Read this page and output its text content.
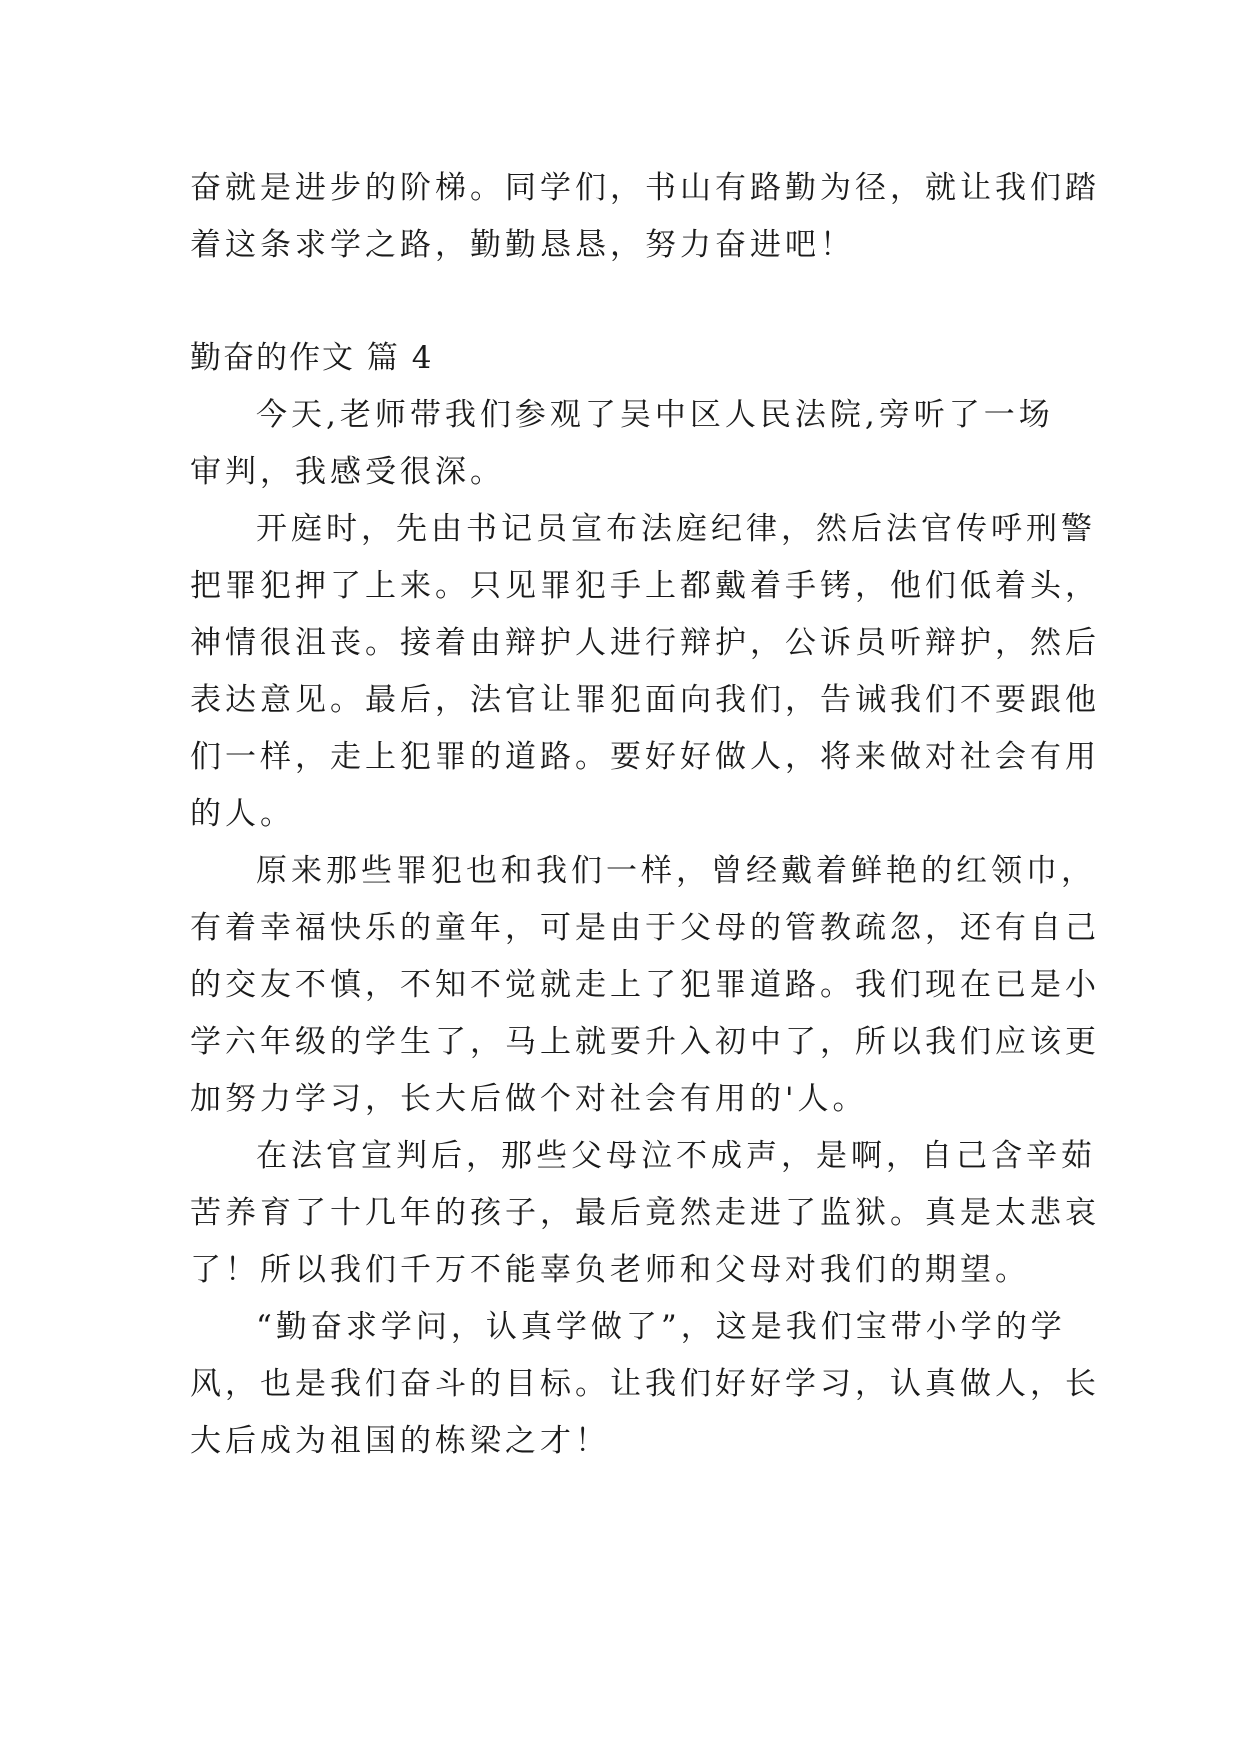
奋就是进步的阶梯。同学们，书山有路勤为径，就让我们踏
着这条求学之路，勤勤恳恳，努力奋进吧！
勤奋的作文 篇 4
今天,老师带我们参观了吴中区人民法院,旁听了一场
审判，我感受很深。
开庭时，先由书记员宣布法庭纪律，然后法官传呼刑警
把罪犯押了上来。只见罪犯手上都戴着手铐，他们低着头，
神情很沮丧。接着由辩护人进行辩护，公诉员听辩护，然后
表达意见。最后，法官让罪犯面向我们，告诫我们不要跟他
们一样，走上犯罪的道路。要好好做人，将来做对社会有用
的人。
原来那些罪犯也和我们一样，曾经戴着鲜艳的红领巾，
有着幸福快乐的童年，可是由于父母的管教疏忽，还有自己
的交友不慎，不知不觉就走上了犯罪道路。我们现在已是小
学六年级的学生了，马上就要升入初中了，所以我们应该更
加努力学习，长大后做个对社会有用的'人。
在法官宣判后，那些父母泣不成声，是啊，自己含辛茹
苦养育了十几年的孩子，最后竟然走进了监狱。真是太悲哀
了！所以我们千万不能辜负老师和父母对我们的期望。
“勤奋求学问，认真学做了”，这是我们宝带小学的学
风，也是我们奋斗的目标。让我们好好学习，认真做人，长
大后成为祖国的栋梁之才！
